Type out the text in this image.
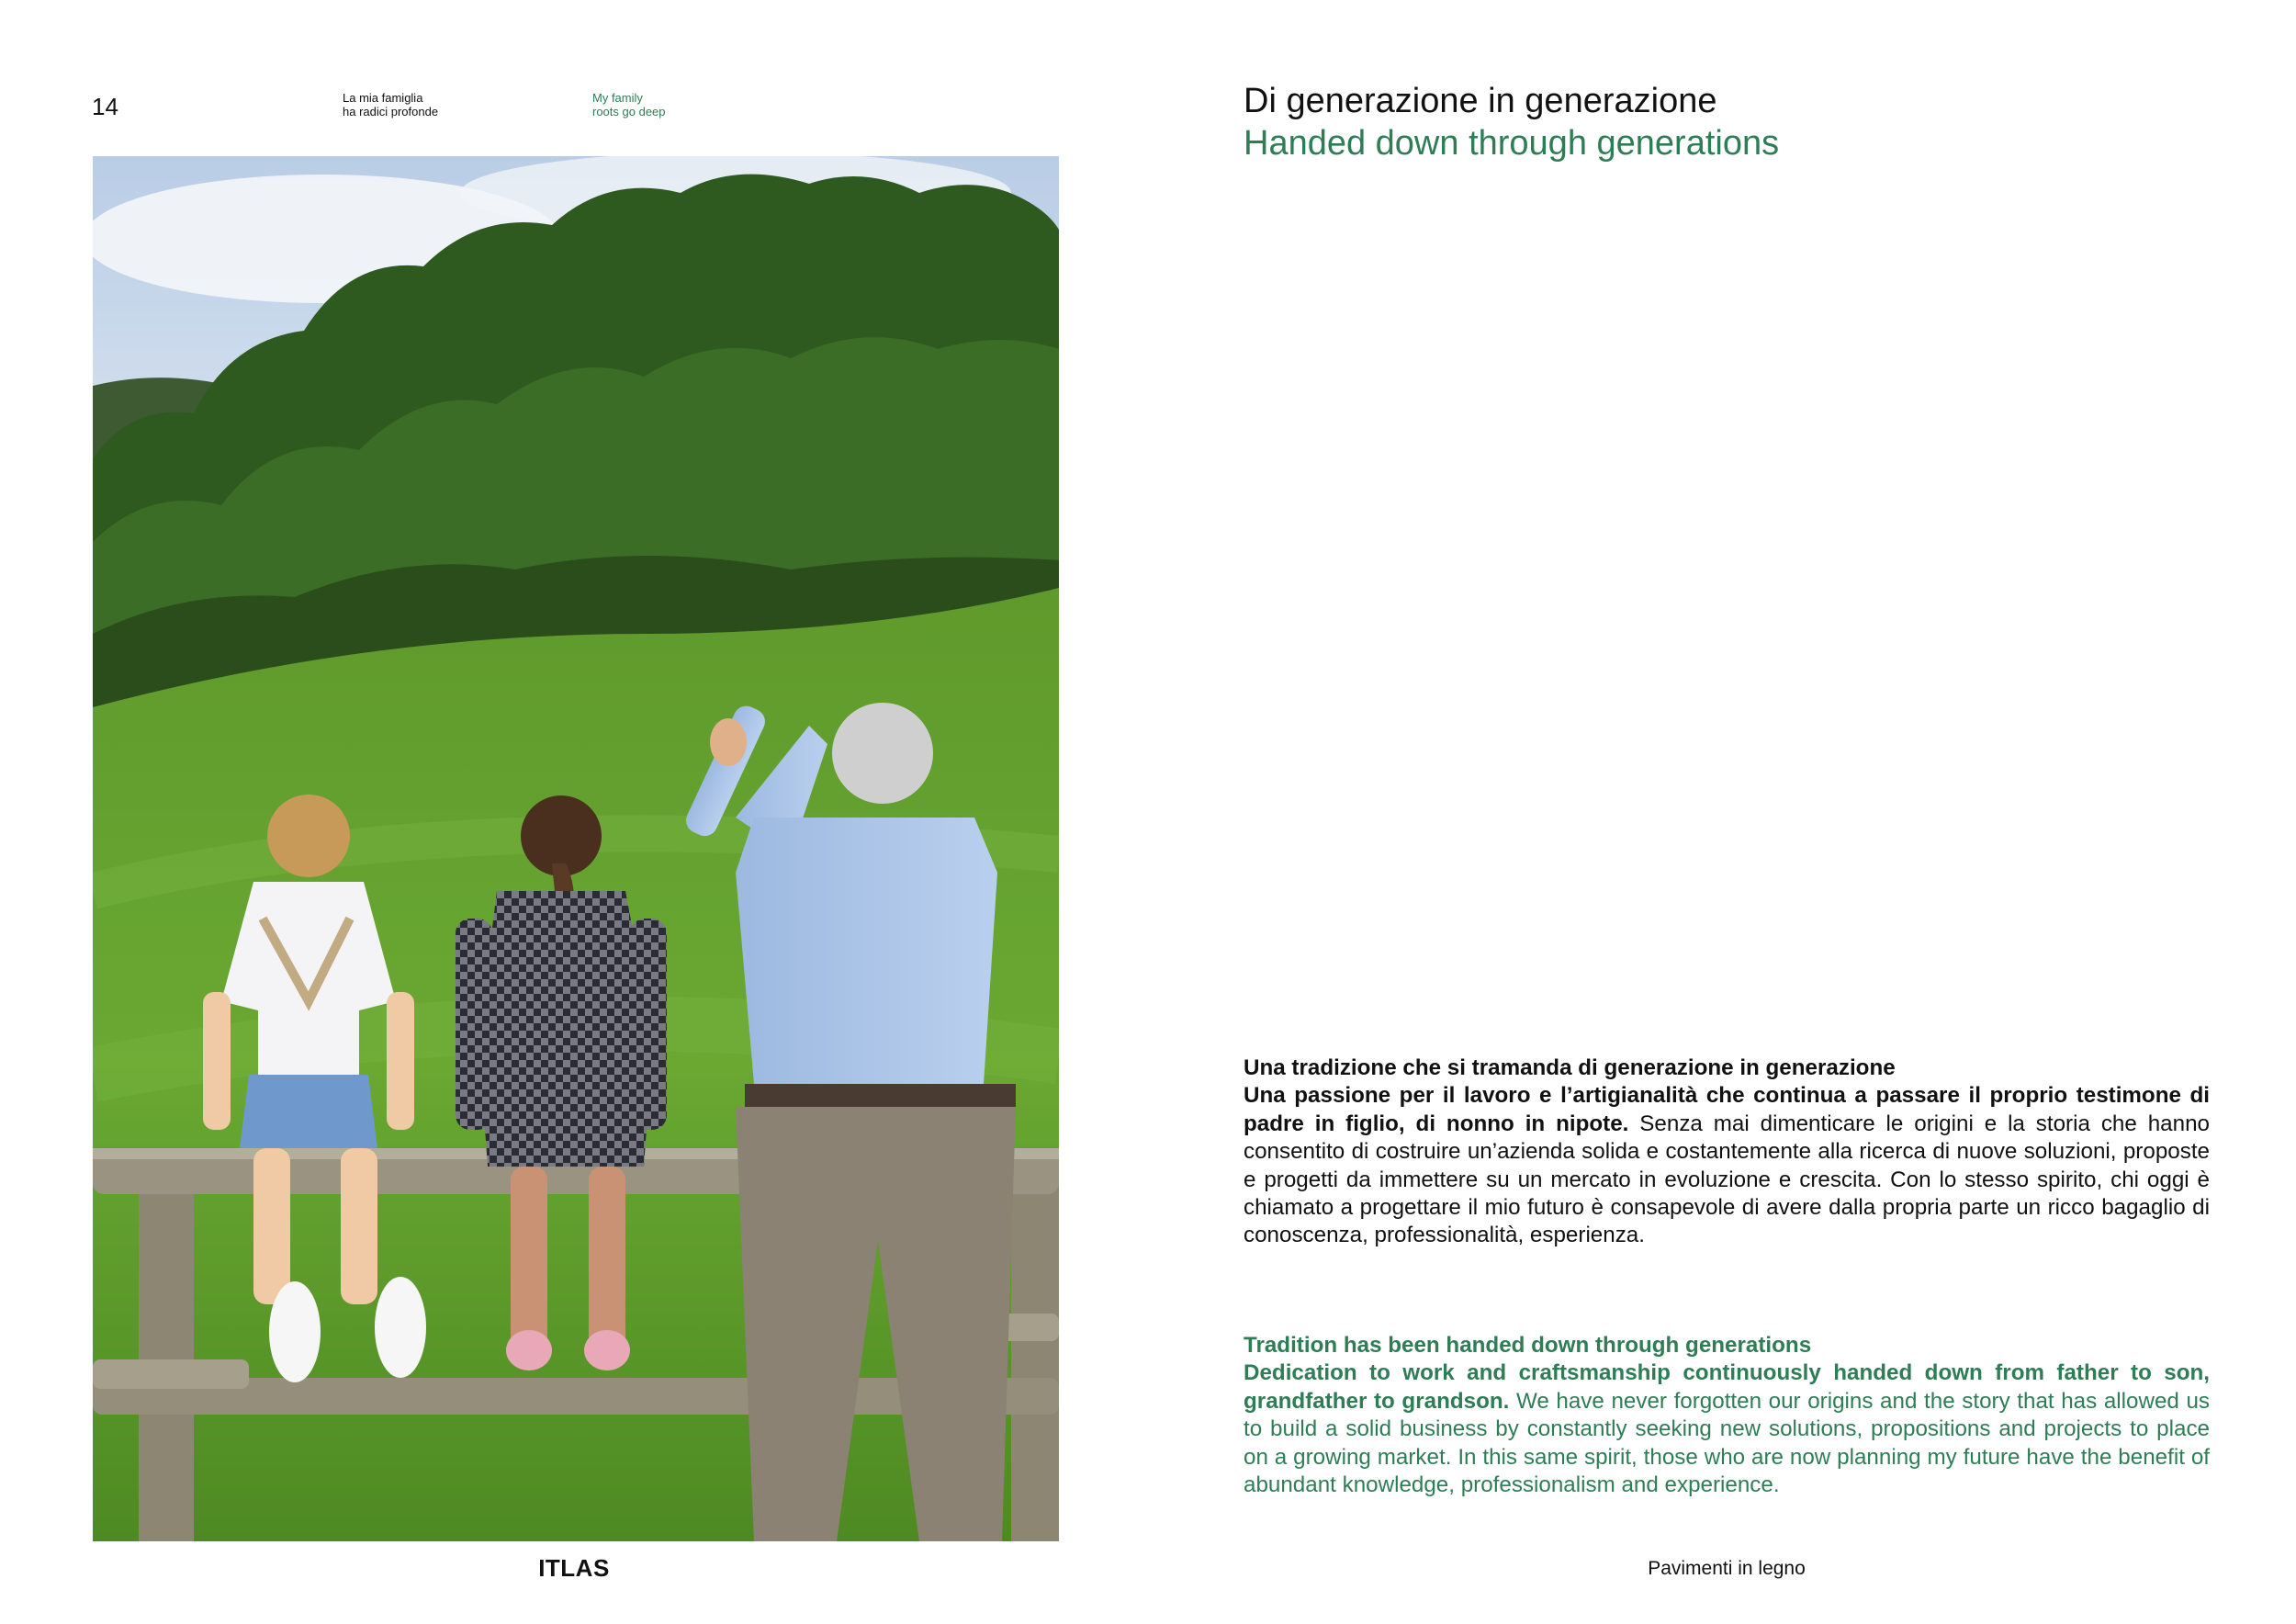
14	La mia famiglia
ha radici profonde
My family
roots go deep
ITLAS	Pavimenti in legno
Di generazione in generazione
Handed down through generations

Una tradizione che si tramanda di generazione in generazione
Una passione per il lavoro e l’artigianalità che continua a passare il proprio testimone di padre in figlio, di nonno in nipote. Senza mai dimenticare le origini e la storia che hanno consentito di costruire un’azienda solida e costantemente alla ricerca di nuove soluzioni, proposte e progetti da immettere su un mercato in evoluzione e crescita. Con lo stesso spirito, chi oggi è chiamato a progettare il mio futuro è consapevole di avere dalla propria parte un ricco bagaglio di conoscenza, professionalità, esperienza.

Tradition has been handed down through generations
Dedication to work and craftsmanship continuously handed down from father to son, grandfather to grandson. We have never forgotten our origins and the story that has allowed us to build a solid business by constantly seeking new solutions, propositions and projects to place on a growing market. In this same spirit, those who are now planning my future have the benefit of abundant knowledge, professionalism and experience.
